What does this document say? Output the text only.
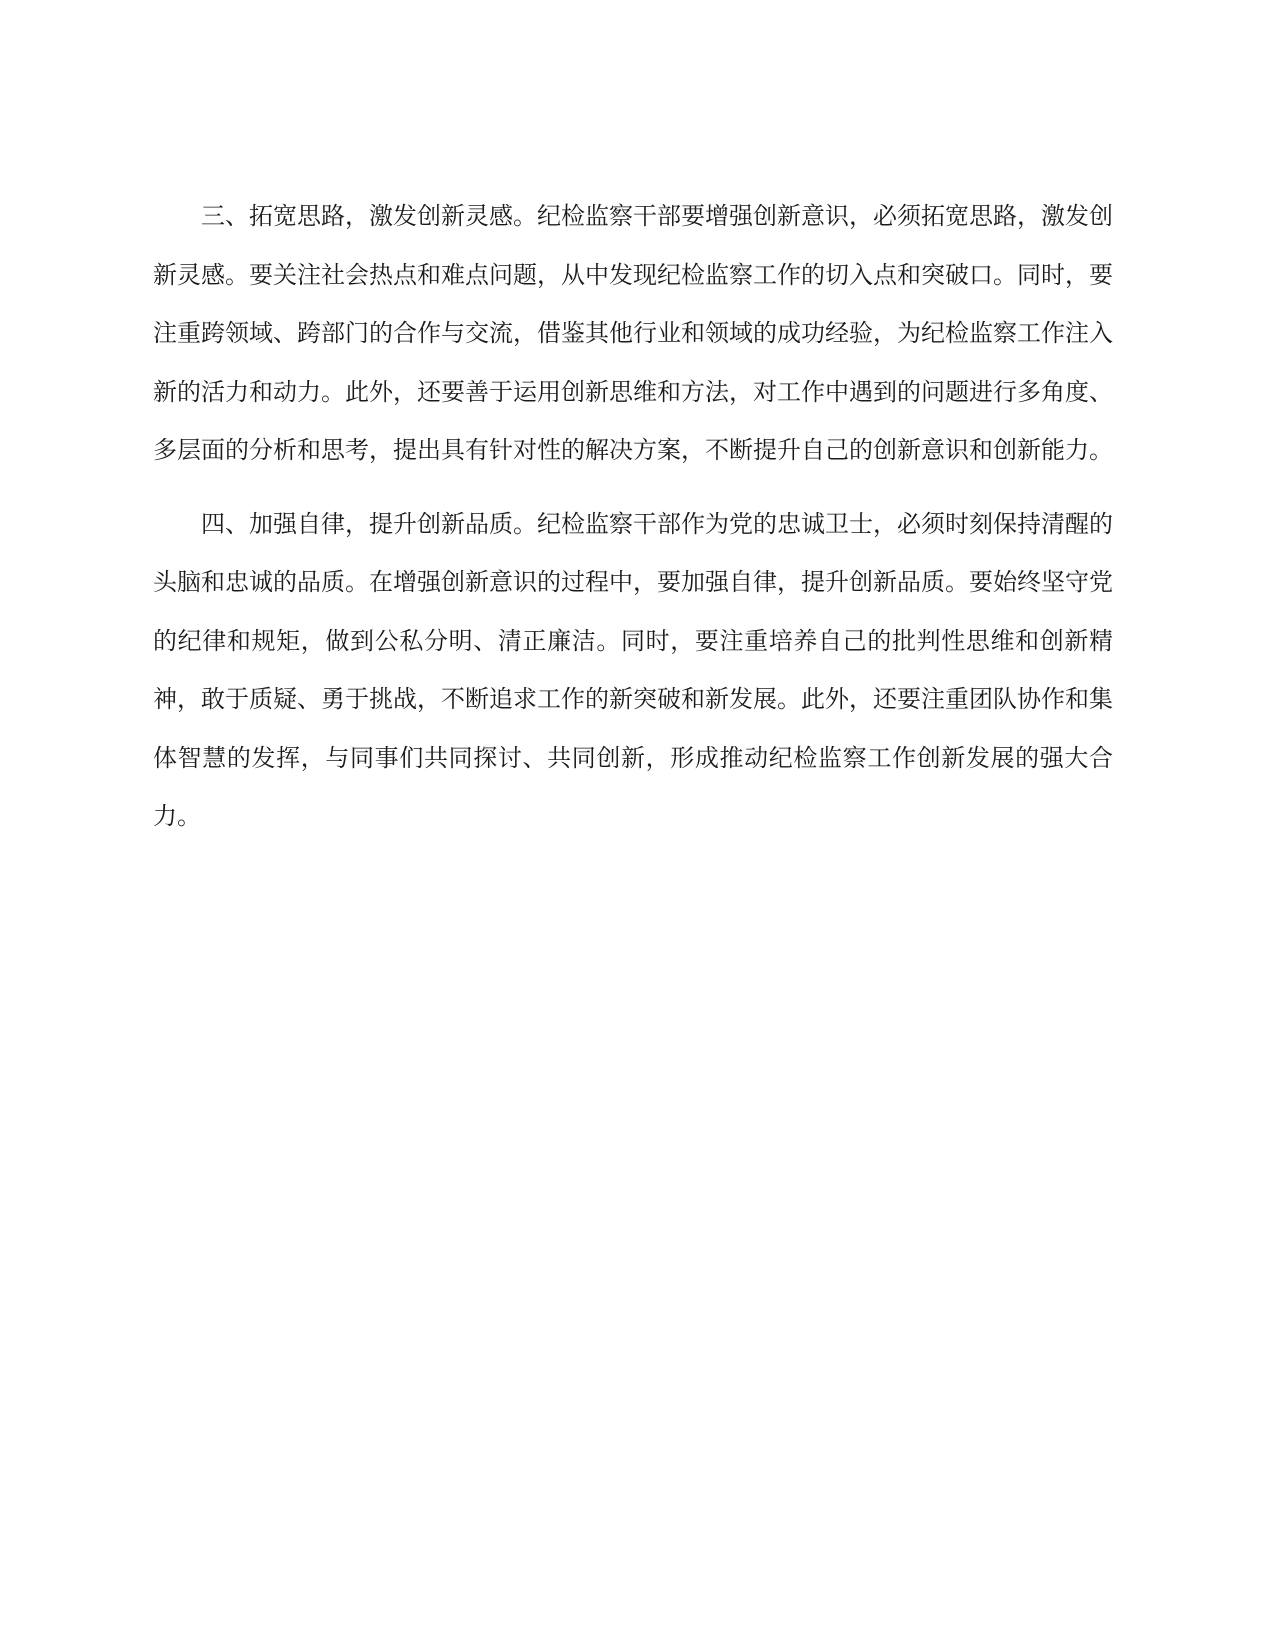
三、拓宽思路，激发创新灵感。纪检监察干部要增强创新意识，必须拓宽思路，激发创新灵感。要关注社会热点和难点问题，从中发现纪检监察工作的切入点和突破口。同时，要注重跨领域、跨部门的合作与交流，借鉴其他行业和领域的成功经验，为纪检监察工作注入新的活力和动力。此外，还要善于运用创新思维和方法，对工作中遇到的问题进行多角度、多层面的分析和思考，提出具有针对性的解决方案，不断提升自己的创新意识和创新能力。

四、加强自律，提升创新品质。纪检监察干部作为党的忠诚卫士，必须时刻保持清醒的头脑和忠诚的品质。在增强创新意识的过程中，要加强自律，提升创新品质。要始终坚守党的纪律和规矩，做到公私分明、清正廉洁。同时，要注重培养自己的批判性思维和创新精神，敢于质疑、勇于挑战，不断追求工作的新突破和新发展。此外，还要注重团队协作和集体智慧的发挥，与同事们共同探讨、共同创新，形成推动纪检监察工作创新发展的强大合力。
